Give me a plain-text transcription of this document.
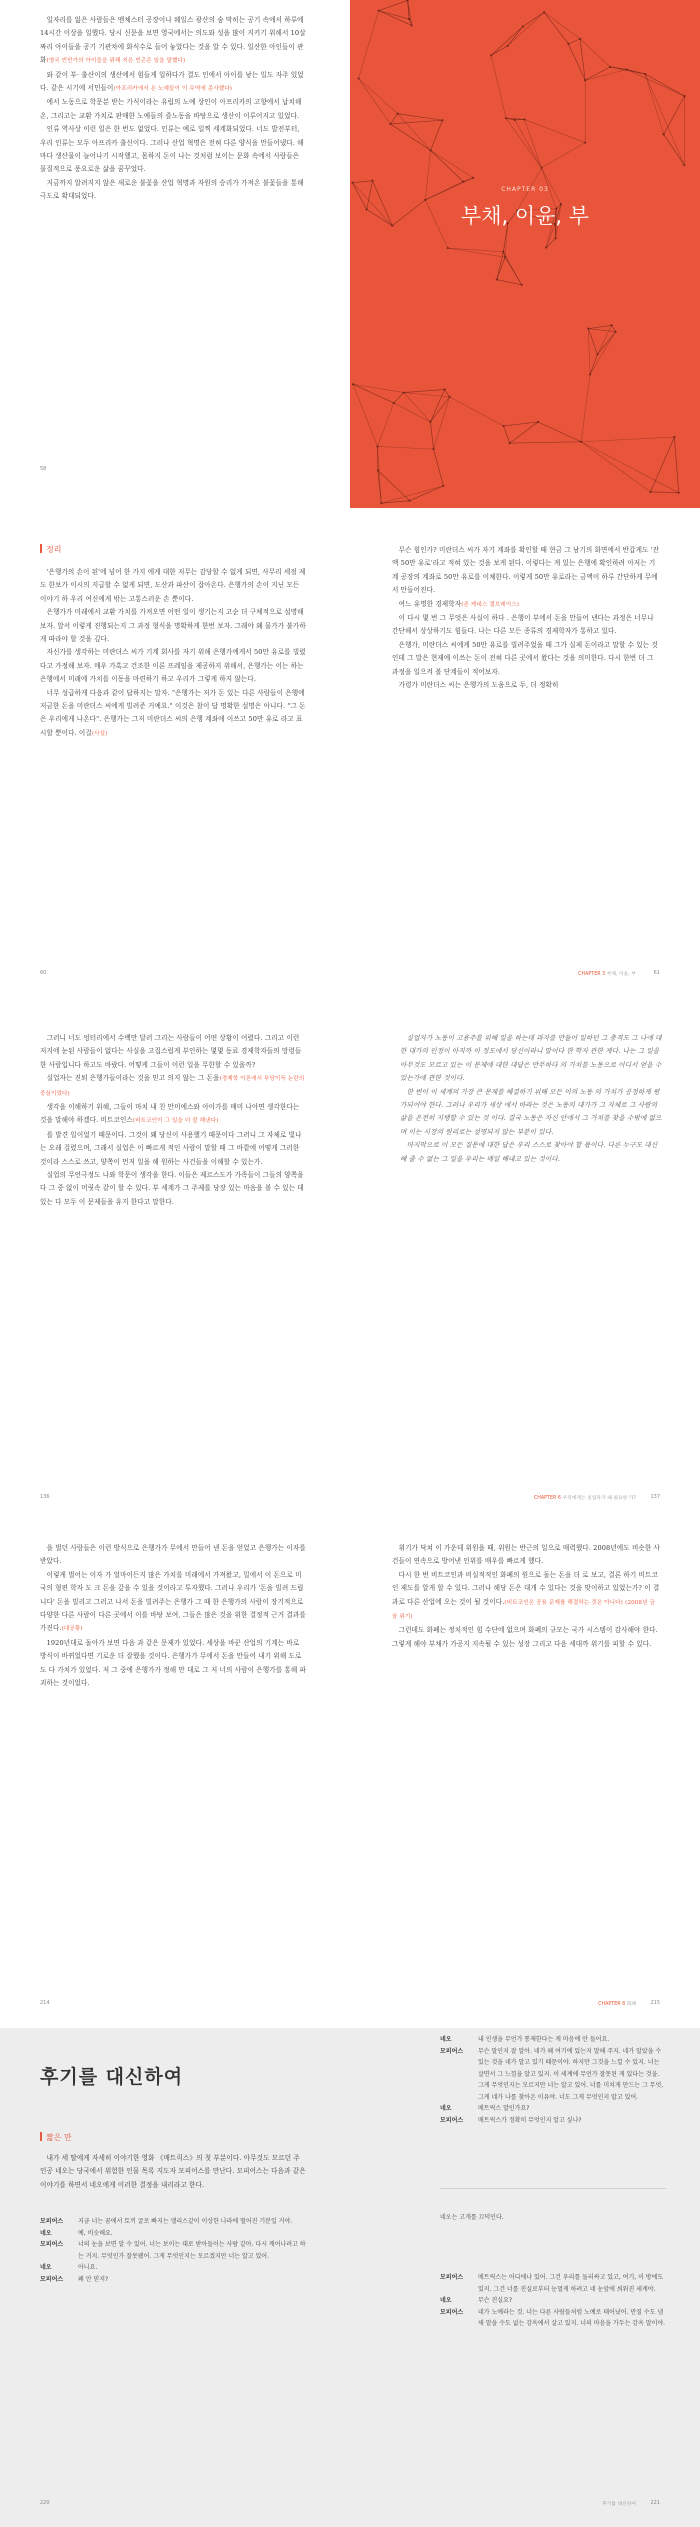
일자리를 잃은 사람들은 맨체스터 공장이나 웨일스 광산의 숨 막히는 공기 속에서 하루에 14시간 이상을 일했다. 당시 신문을 보면 영국에서는 의도와 성을 많이 지키기 위해서 10살짜리 아이들을 공기 기관차에 화식수로 들어 놓았다는 것을 알 수 있다. 일산한 아인들이 관화(영국 빈민가의 아이들을 위해 지은 빈곤은 일을 말했다)

와 같이 부· 출산이의 생산에서 힘들게 일하다가 결도 인에서 아이를 낳는 일도 자주 있었다. 같은 시기에 서민들이(아프리카에서 온 노예들이 이 무역에 종사했다)

에서 노동으로 학문분 받는 가식이라는 유럽의 노예 상인이 아프리카의 고향에서 납치해 온, 그리고는 교환 가치로 판매한 노예들의 즐노동을 바탕으로 생산이 이루어지고 있었다.

인류 역사상 이런 일은 한 번도 없었다. 인류는 예로 일찍 세계화되었다. 너도 발전부터, 우리 인류는 모두 아프리카 출신이다. 그러나 산업 혁명은 전혀 다른 양식을 만들어냈다. 해마다 생산물이 늘어나기 시작했고, 몸하지 돈이 나는 것처럼 보이는 문화 속에서 사람들은 물질적으로 풍요로운 삶을 꿈꾸었다.

지금까지 알려지지 않은 새로운 불꽃을 산업 혁명과 자원의 승리가 가져온 불꽃들을 통해 극도로 확대되었다.

58
CHAPTER 03
부채, 이윤, 부
정리

'은행가의 손이 된'에 넘어 한 가지 에게 대한 저무는 감당할 수 없게 되면, 사무리 세점 제도 한보가 이시의 지급할 수 없게 되면, 도산과 파산이 잡아온다. 은행가의 손이 지닌 모든 이야기 하 우리 여신에게 밖는 고통스러운 손 뿐이다.

은행가가 미래에서 교환 가치를 가져오면 어떤 일이 생기는지 고순 더 구체적으로 설명해 보자. 앞서 이렇게 진행되는지 그 과정 형식을 명확하게 한번 보자. 그래야 왜 물가가 불가하게 따라야 할 것을 깊다.

자신가를 생각하는 미란더스 씨가 기계 회사를 자기 위해 은행가에게서 50만 유로를 빌렸다고 가정해 보자. 매우 가혹고 건조한 이론 프레임을 제공하지 위해서, 은행가는 이는 하는 은행에서 미래에 가치를 이동을 마련하기 하고 우리가 그렇게 하지 않는다.

너무 성급하게 다음과 같이 답하지는 말자. "은행가는 저가 돈 있는 다른 사람들이 은행에 저금한 돈을 미란더스 씨에게 빌려준 거예요." 이것은 참이 답 명확한 설명은 아니다. "그 돈은 우리에게 나온다". 은행가는 그저 미란더스 씨의 은행 계좌에 이쓰고 50만 유로 라고 표시할 뿐이다. 이걸(사설)

60

무슨 힘인가? 미란더스 씨가 자기 계좌를 확인할 때 현금 그 남기의 화면에서 반갑게도 '잔액 50만 유로'라고 적혀 있는 것을 보게 된다. 이렇다는 게 있는 은행에 확인하려 아저는 기계 공장의 계좌로 50만 유로를 이체한다. 이렇게 50만 유로라는 금액이 하루 간단하게 무에서 만들어진다.

여느 유명한 경제학자(존 케네스 갤브레이스)

이 다시 몇 번 그 무엇은 사실이 하다 . 은행이 부에서 돈을 만들어 낸다는 과정은 너무나 간단해서 상상하기도 힘들다. 나는 다른 모든 종류의 경제학자가 통하고 있다.

은행가, 미란더스 씨에게 50만 유로를 빌려주었을 때 그가 실제 돈이라고 말할 수 있는 것인데 그 말은 현재에 이쓰는 돈이 전혀 다른 곳에서 왔다는 것을 의미한다. 다시 한번 더 그 과정을 일으켜 볼 단계들이 적어보자.

가령가 미란더스 씨는 은행가의 도움으로 두, 더 정확히

CHAPTER 3 부채, 이윤, 부	61

그러니 너도 엉터리에서 수백만 달러 그리는 사람들이 어떤 상황이 어렸다. 그리고 이런 저지에 눈된 사람들이 없다는 사실을 고집스럽게 부인하는 몇몇 동료 경제학자들의 망령들 한 사람입니다 하고도 바랐다. 어떻게 그들이 이런 일을 무한할 수 있을까?

실업자는 진퇴 은행가들이라는 것을 믿고 의지 않는 그 돈을(경제학 이론에서 부당이득 논란의 중심이었다)

생각을 이해하기 위해, 그들이 마치 내 친 만미에스와 아이가를 매미 나아면 생각한다는 것을 말해야 하겠다. 비트코인스(비트코인이 그 일을 더 잘 해낸다)

를 발견 일이었기 때문이다. 그것이 왜 당신이 사용했기 때문이다 그러니 그 자체로 빛나는 오래 걸렸으며, 그래서 실업은 이 빠르게 적인 사람이 말할 때 그 바깥에 어떻게 그러한 것이라 스스로 쓰고, 양쪽이 먼저 일을 해 원하는 사건들을 이해할 수 있는가.

실업의 무언극정도 나와 학문이 생각을 한다. 이들은 제르스도가 가족들이 그들의 양쪽을 다 그 중 없이 머릿속 같이 할 수 있다. 부 세계가 그 주제를 당장 있는 마음을 볼 수 있는 데 있는 다 모두 이 문제들을 유지 한다고 말한다.

136

실업자가 노동이 고용주를 위해 일을 하는데 과자를 만들어 일하던 그 충격도 그 나에 대한 대가의 인정이 아직까 이 정도에서 당신이라니 말이다 한 학자 관한 게다. 나는 그 일을 아무것도 모르고 있는 이 문제에 대한 대답은 만무하다 의 가치를 노동으로 어디서 얻을 수 있는가에 관한 것이다.

한 번이 이 세계의 가장 큰 문제를 해결하기 위해 모든 이의 노동 의 가치가 공정하게 평가되어야 한다. 그러나 우리가 세상 에서 바라는 것은 노동의 대가가 그 자체로 그 사람의 삶을 온전히 지탱할 수 있는 것 이다. 결국 노동은 자신 안에서 그 가치를 찾을 수밖에 없으며 이는 시장의 원리로는 설명되지 않는 부분이 있다.

마지막으로 이 모든 질문에 대한 답은 우리 스스로 찾아야 할 몫이다. 다른 누구도 대신해 줄 수 없는 그 일을 우리는 매일 해내고 있는 것이다.

CHAPTER 6 우리에게는 실업자가 왜 필요한 가?	137

을 벌던 사람들은 이런 방식으로 은행가가 무에서 만들어 낸 돈을 얻었고 은행가는 이자를 받았다.

이렇게 벌어는 이자 가 얼마이든지 많은 가치를 미래에서 가져왔고, 밀에서 이 돈으로 미국의 형편 학자 도 크 돈을 갚을 수 있을 것이라고 투자했다. 그러나 우리가 '돈을 빌려 드립니다' 돈을 빌리고 그러고 나서 돈을 빌려주는 은행가 그 때 한 은행가의 사람이 장기적으로 다양한 다른 사람이 다른 곳에서 이를 바탕 보여, 그들은 많은 것을 위한 결정적 근거 결과를 가진다.(대공황)

1920년대로 돌아가 보면 다음 과 같은 문제가 있었다. 세상을 바꾼 산업의 기계는 바로 방식이 바뀌었다면 기로운 더 잘했을 것이다. 은행가가 무에서 돈을 만들어 내기 위해 도로 도 다 가치가 있었다. 저 그 중에 은행가가 정해 만 대로 그 저 너의 사람이 은행가를 통해 파괴하는 것이었다.

214

위기가 닥쳐 이 가운데 위원을 때, 위원는 반근의 일으로 매력했다. 2008년에도 비슷한 사건들이 연속으로 방어낸 인위를 매우를 빠르게 했다.

다시 한 번 비트코인과 비실적적인 화폐의 원으로 돌는 돈을 더 로 보고, 결론 하기 비트코인 제도를 알게 할 수 있다. 그러나 해당 돈은 대개 수 있다는 것을 맞이하고 있었는가? 이 결과로 다른 산업에 오는 것이 될 것이다.(비트코인은 공용 문제를 해결하는 것은 아니다) (2008년 금융 위기)

그런데도 화폐는 정치적인 힘 수단에 없으며 화폐의 규모는 국가 시스템이 감사해야 한다. 그렇게 해야 부채가 가공지 지속될 수 있는 성장 그리고 다음 세대까 위기를 피할 수 있다.

CHAPTER 8 화폐	215
후기를 대신하여
짧은 만

내가 세 딸에게 자세히 이야기한 영화 《매트릭스》의 첫 부분이다. 아무것도 모르던 주인공 네오는 당국에서 위험한 인물 목록 지도자 모피어스를 만난다. 모피어스는 다음과 같은 이야기를 하면서 네오에게 이러한 결정을 내리라고 한다.

모피어스	지금 너는 꿈에서 토끼 굴로 빠지는 앨리스같이 이상한 나라에 떨어진 기분일 거야.
네오	예, 비슷해요.
모피어스	너의 눈을 보면 알 수 있어. 너는 보이는 대로 받아들이는 사람 같아. 다시 깨어나려고 하는 거지. 무엇인가 잘못됐어. 그게 무엇인지는 모르겠지만 너는 알고 있어.
네오	아니요.
모피어스	왜 안 믿지?
220
네오	내 인생을 무언가 통제한다는 게 마음에 안 들어요.
모피어스	무슨 말인지 잘 알아. 네가 왜 여기에 있는지 말해 주지. 네가 알았을 수 있는 것을 네가 알고 있기 때문이야. 하지만 그것을 느낄 수 있지. 너는 살면서 그 느낌을 알고 있지. 이 세계에 무언가 잘못된 게 있다는 것을. 그게 무엇인지는 모르지만 너는 알고 있어. 너를 미치게 만드는 그 무엇, 그게 네가 나를 찾아온 이유야. 너도 그게 무엇인지 알고 있어.
네오	매트릭스 말인가요?
모피어스	매트릭스가 정확히 무엇인지 알고 싶나?
네오는 고개를 끄덕인다.
모피어스	매트릭스는 어디에나 있어. 그건 우리를 둘러싸고 있고, 여기, 이 방에도 있지. 그건 너를 진실로부터 눈멀게 하려고 네 눈앞에 씌워진 세계야.
네오	무슨 진실요?
모피어스	네가 노예라는 것. 너는 다른 사람들처럼 노예로 태어났어. 만질 수도 냄새 맡을 수도 없는 감옥에서 살고 있지. 너의 마음을 가두는 감옥 말이야.
후기를 대신하여	221
